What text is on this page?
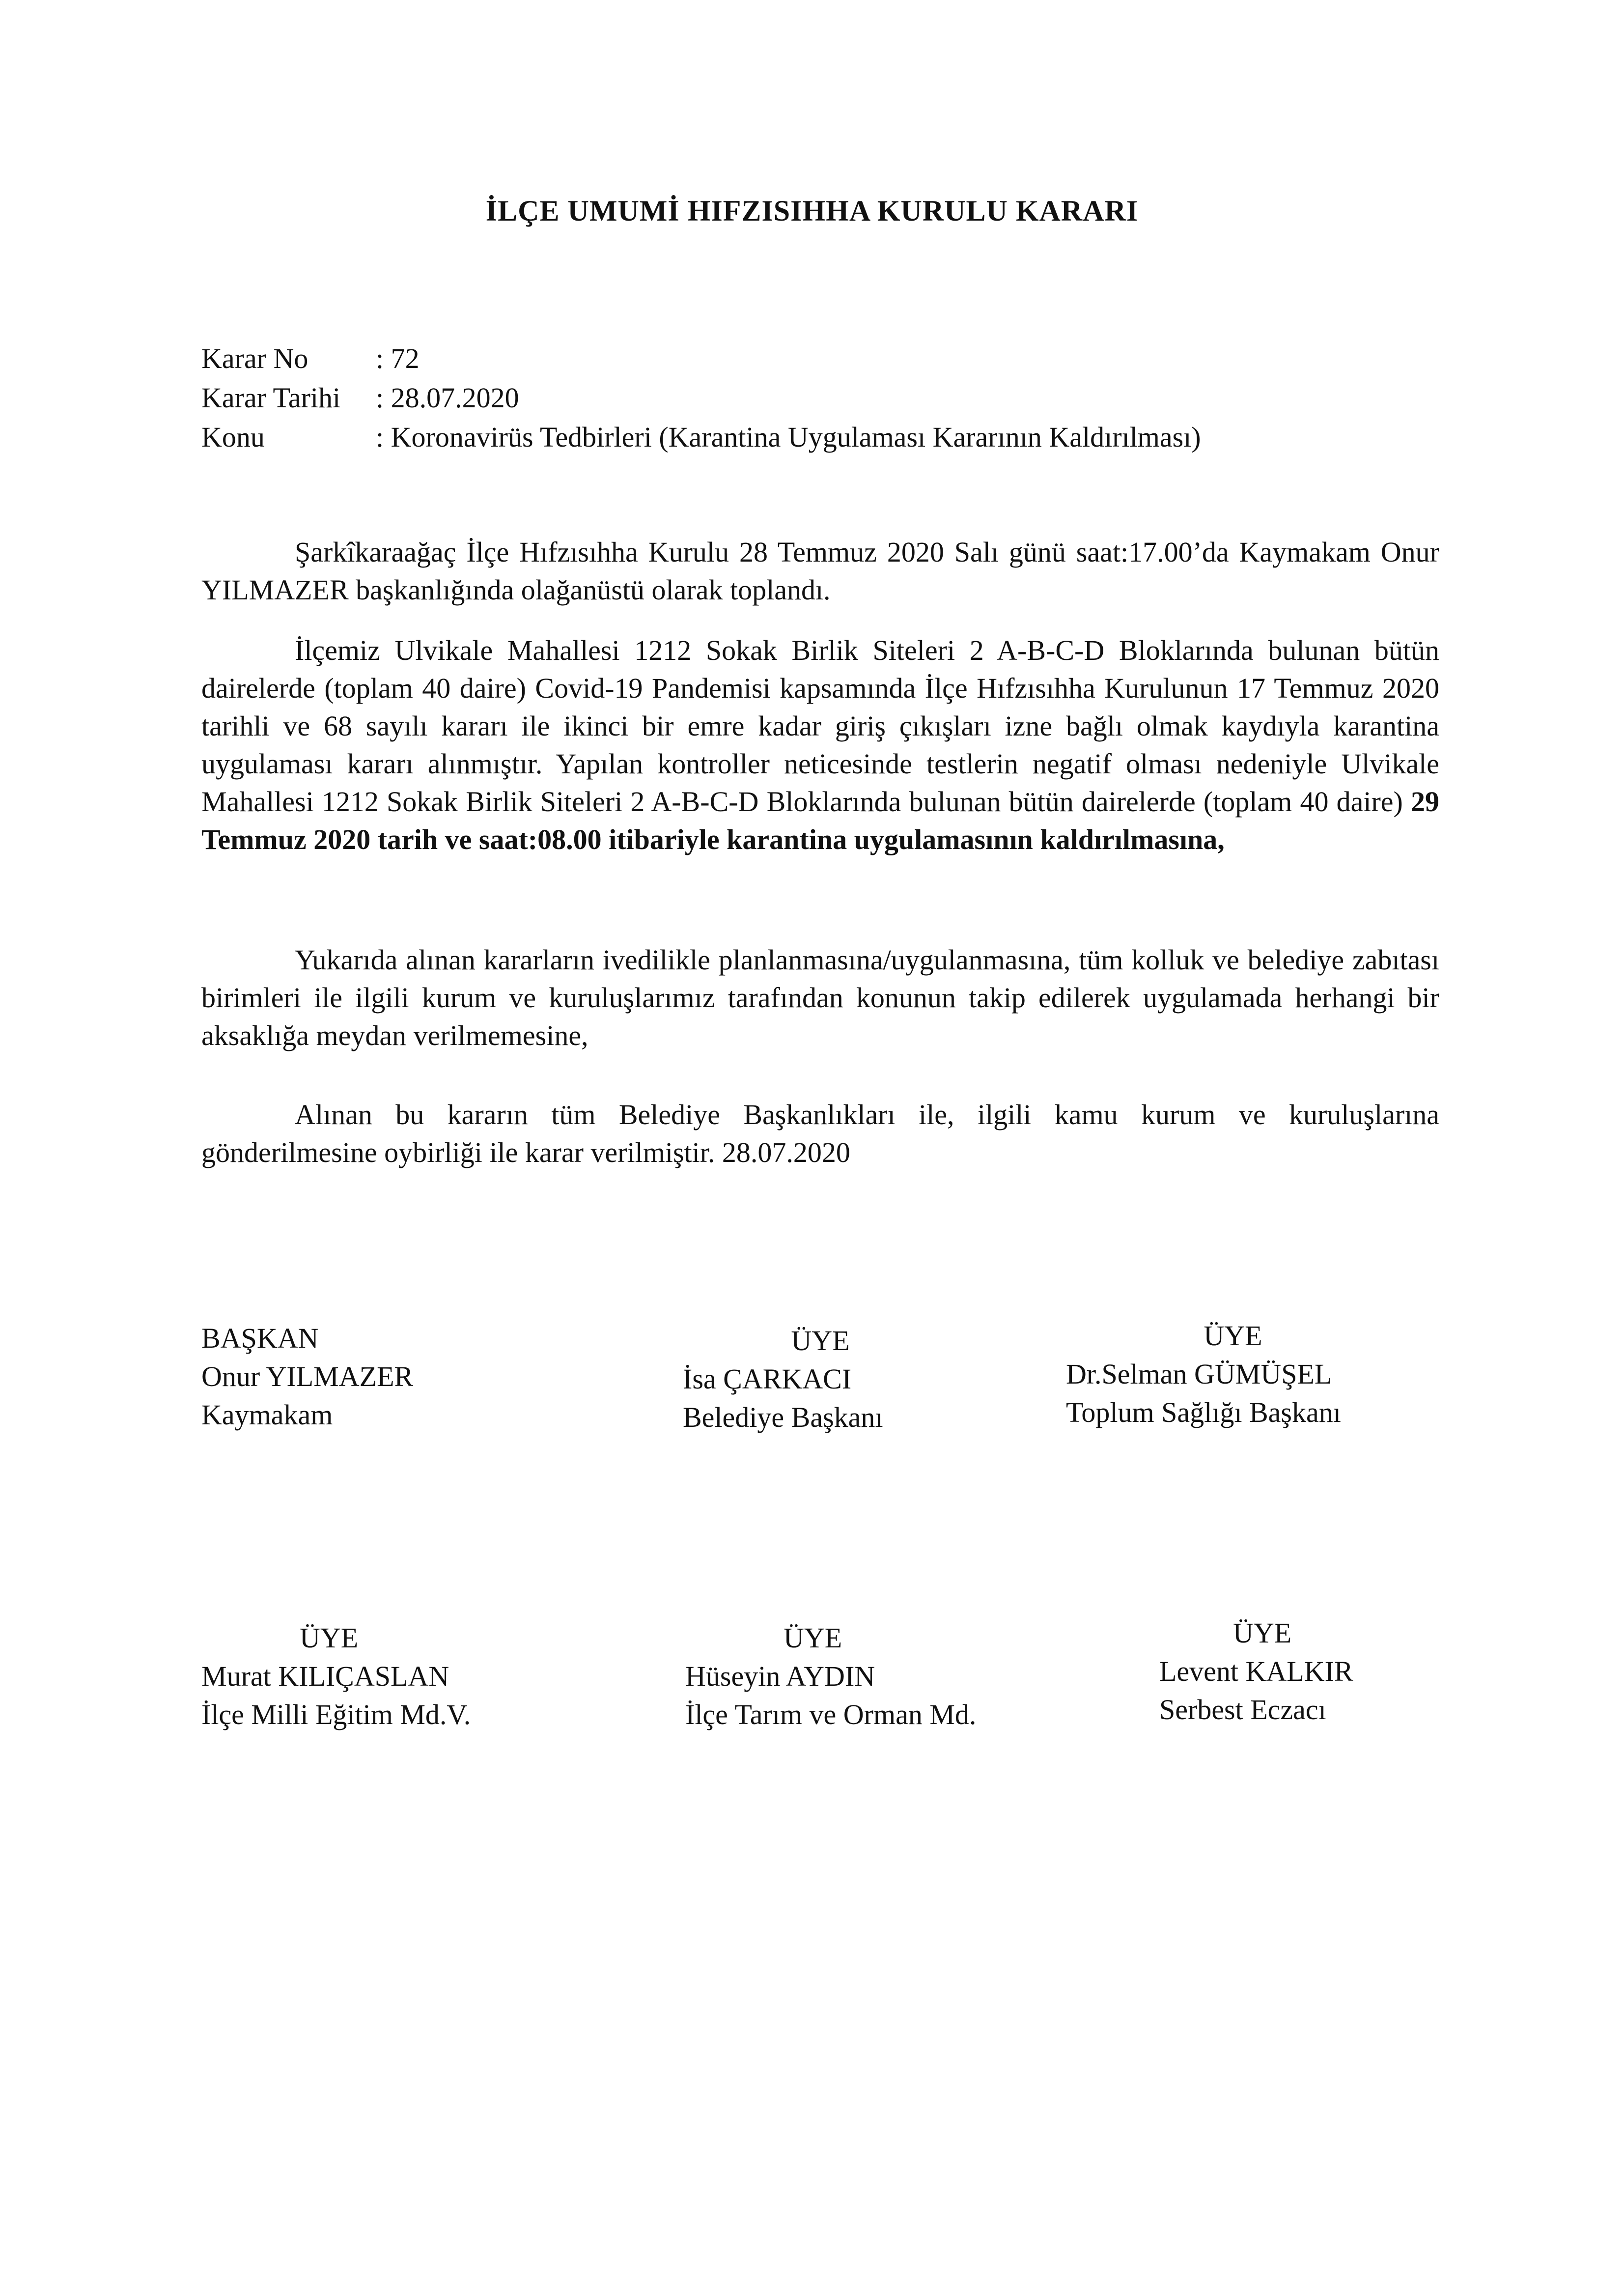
İLÇE UMUMİ HIFZISIHHA KURULU KARARI
Karar No : 72
Karar Tarihi : 28.07.2020
Konu	: Koronavirüs Tedbirleri (Karantina Uygulaması Kararının Kaldırılması)

Şarkîkaraağaç İlçe Hıfzısıhha Kurulu 28 Temmuz 2020 Salı günü saat:17.00’da Kaymakam Onur YILMAZER başkanlığında olağanüstü olarak toplandı.

İlçemiz Ulvikale Mahallesi 1212 Sokak Birlik Siteleri 2 A-B-C-D Bloklarında bulunan bütün dairelerde (toplam 40 daire) Covid-19 Pandemisi kapsamında İlçe Hıfzısıhha Kurulunun 17 Temmuz 2020 tarihli ve 68 sayılı kararı ile ikinci bir emre kadar giriş çıkışları izne bağlı olmak kaydıyla karantina uygulaması kararı alınmıştır. Yapılan kontroller neticesinde testlerin negatif olması nedeniyle Ulvikale Mahallesi 1212 Sokak Birlik Siteleri 2 A-B-C-D Bloklarında bulunan bütün dairelerde (toplam 40 daire) 29 Temmuz 2020 tarih ve saat:08.00 itibariyle karantina uygulamasının kaldırılmasına,

Yukarıda alınan kararların ivedilikle planlanmasına/uygulanmasına, tüm kolluk ve belediye zabıtası birimleri ile ilgili kurum ve kuruluşlarımız tarafından konunun takip edilerek uygulamada herhangi bir aksaklığa meydan verilmemesine,

Alınan bu kararın tüm Belediye Başkanlıkları ile, ilgili kamu kurum ve kuruluşlarına gönderilmesine oybirliği ile karar verilmiştir. 28.07.2020

BAŞKAN
Onur YILMAZER
Kaymakam
ÜYE
İsa ÇARKACI
Belediye Başkanı
ÜYE
Dr.Selman GÜMÜŞEL
Toplum Sağlığı Başkanı
ÜYE
Murat KILIÇASLAN
İlçe Milli Eğitim Md.V.
ÜYE
Hüseyin AYDIN
İlçe Tarım ve Orman Md.
ÜYE
Levent KALKIR
Serbest Eczacı
